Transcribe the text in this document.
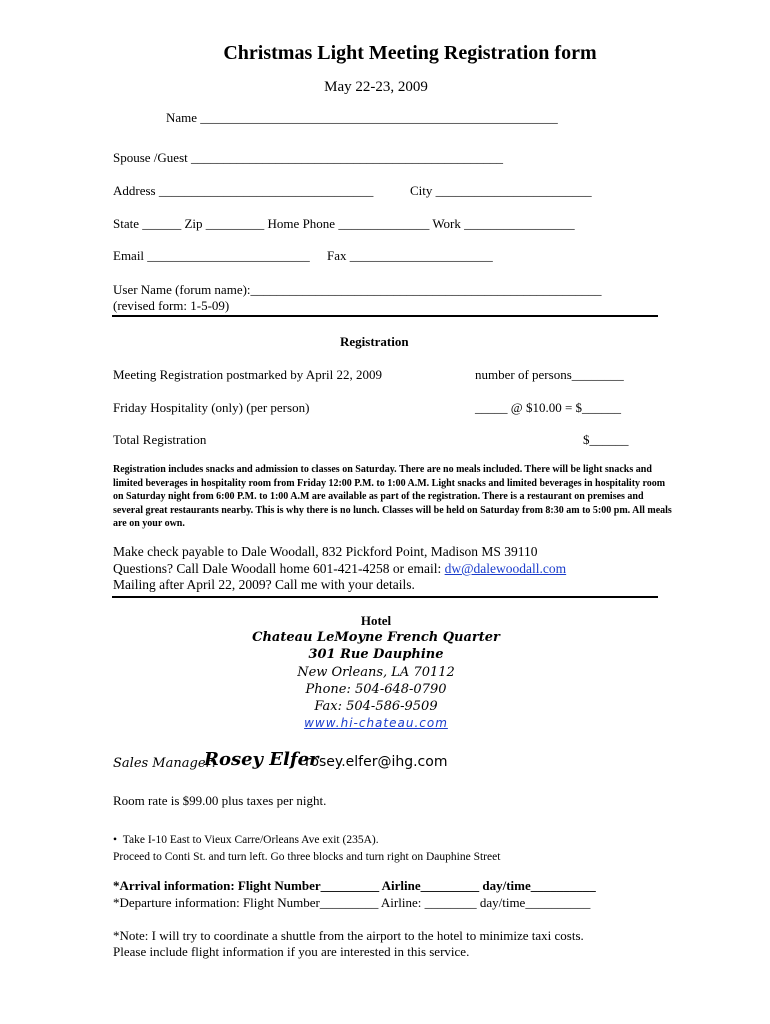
Christmas Light Meeting Registration form
May 22-23, 2009
Name _______________________________________________________
Spouse /Guest ________________________________________________
Address _________________________________	City ________________________
State ______ Zip _________ Home Phone ______________ Work _________________
Email _________________________ Fax ______________________
User Name (forum name):______________________________________________________
(revised form: 1-5-09)
Registration
Meeting Registration postmarked by April 22, 2009	number of persons________
Friday Hospitality (only) (per person)	_____ @ $10.00 = $______
Total Registration	$______
Registration includes snacks and admission to classes on Saturday. There are no meals included. There will be light snacks and limited beverages in hospitality room from Friday 12:00 P.M. to 1:00 A.M. Light snacks and limited beverages in hospitality room on Saturday night from 6:00 P.M. to 1:00 A.M are available as part of the registration. There is a restaurant on premises and several great restaurants nearby. This is why there is no lunch. Classes will be held on Saturday from 8:30 am to 5:00 pm. All meals are on your own.
Make check payable to Dale Woodall, 832 Pickford Point, Madison MS 39110
Questions? Call Dale Woodall home 601-421-4258 or email: dw@dalewoodall.com
Mailing after April 22, 2009? Call me with your details.
Hotel
Chateau LeMoyne French Quarter
301 Rue Dauphine
New Orleans, LA 70112
Phone: 504-648-0790
Fax: 504-586-9509
www.hi-chateau.com
Sales Manager:
Rosey Elfer
rosey.elfer@ihg.com
Room rate is $99.00 plus taxes per night.
•  Take I-10 East to Vieux Carre/Orleans Ave exit (235A).
Proceed to Conti St. and turn left. Go three blocks and turn right on Dauphine Street
*Arrival information: Flight Number_________ Airline_________ day/time__________
*Departure information: Flight Number_________ Airline: ________ day/time__________
*Note: I will try to coordinate a shuttle from the airport to the hotel to minimize taxi costs.
Please include flight information if you are interested in this service.
